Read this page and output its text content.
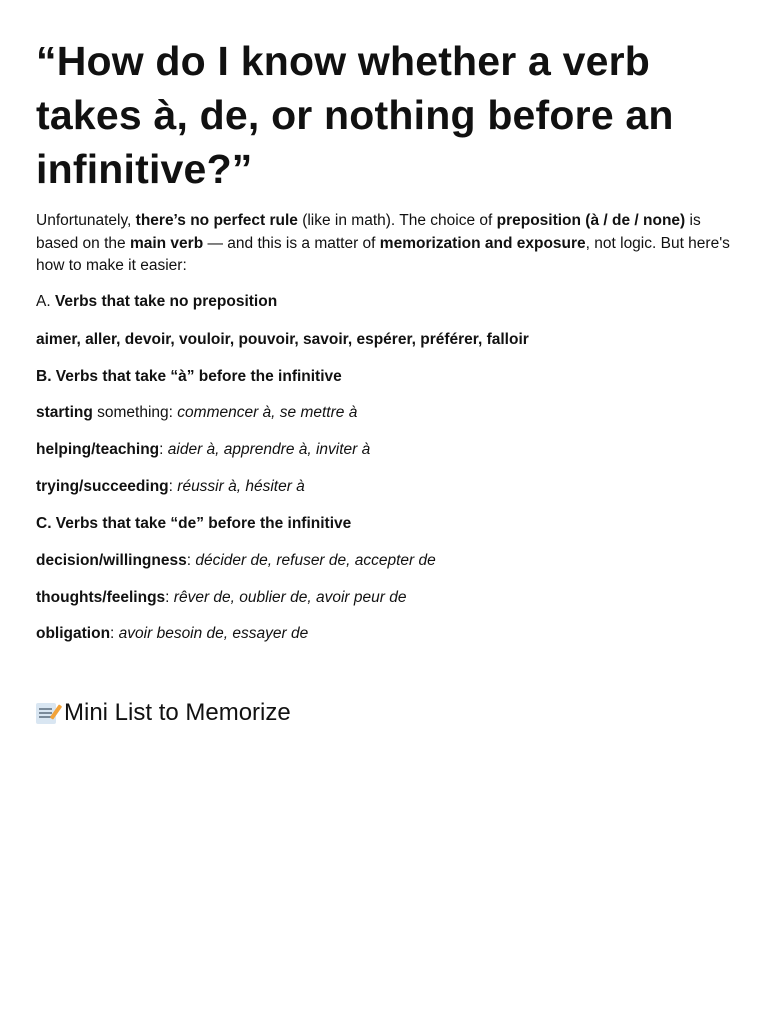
“How do I know whether a verb takes à, de, or nothing before an infinitive?”

Unfortunately, there’s no perfect rule (like in math). The choice of preposition (à / de / none) is based on the main verb — and this is a matter of memorization and exposure, not logic. But here's how to make it easier:

A. Verbs that take no preposition

aimer, aller, devoir, vouloir, pouvoir, savoir, espérer, préférer, falloir

B. Verbs that take “à” before the infinitive

starting something: commencer à, se mettre à

helping/teaching: aider à, apprendre à, inviter à

trying/succeeding: réussir à, hésiter à

C. Verbs that take “de” before the infinitive

decision/willingness: décider de, refuser de, accepter de

thoughts/feelings: rêver de, oublier de, avoir peur de

obligation: avoir besoin de, essayer de

Mini List to Memorize
